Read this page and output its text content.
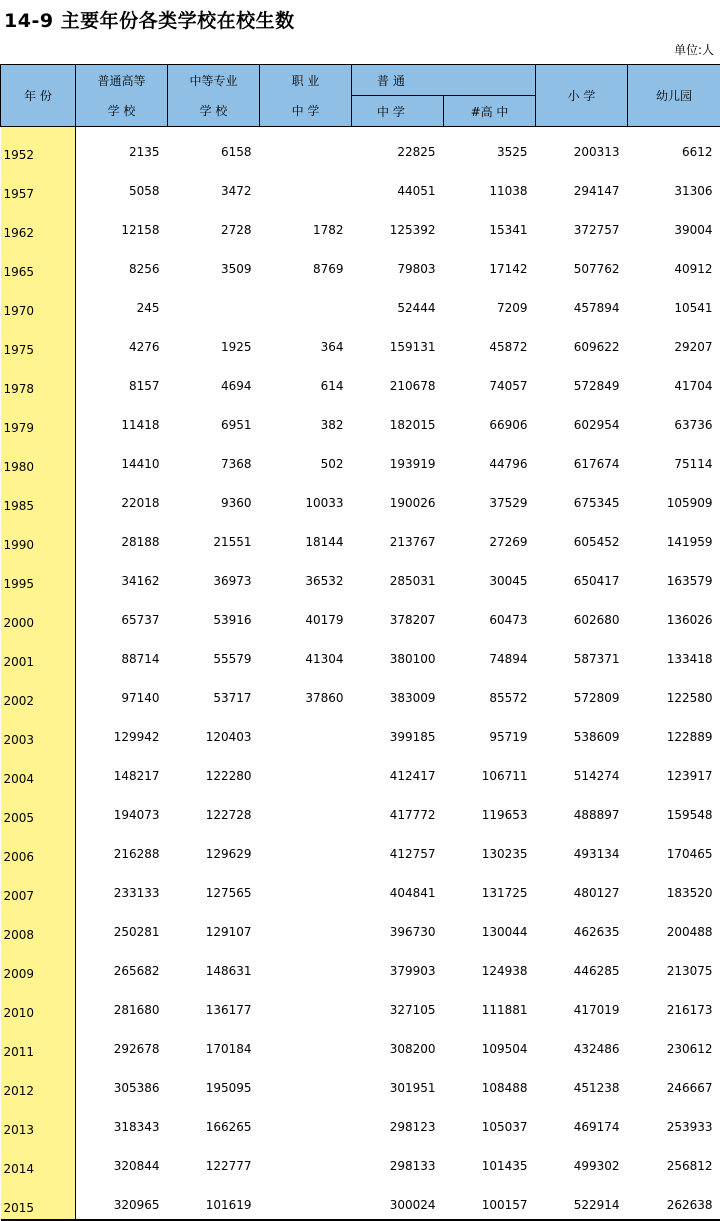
14-9 主要年份各类学校在校生数
单位:人
年 份	普通高等	中等专业	职 业	普 通		小 学	幼儿园
	学 校	学 校	中 学	中 学	#高 中		
1952	2135	6158		22825	3525	200313	6612
1957	5058	3472		44051	11038	294147	31306
1962	12158	2728	1782	125392	15341	372757	39004
1965	8256	3509	8769	79803	17142	507762	40912
1970	245			52444	7209	457894	10541
1975	4276	1925	364	159131	45872	609622	29207
1978	8157	4694	614	210678	74057	572849	41704
1979	11418	6951	382	182015	66906	602954	63736
1980	14410	7368	502	193919	44796	617674	75114
1985	22018	9360	10033	190026	37529	675345	105909
1990	28188	21551	18144	213767	27269	605452	141959
1995	34162	36973	36532	285031	30045	650417	163579
2000	65737	53916	40179	378207	60473	602680	136026
2001	88714	55579	41304	380100	74894	587371	133418
2002	97140	53717	37860	383009	85572	572809	122580
2003	129942	120403		399185	95719	538609	122889
2004	148217	122280		412417	106711	514274	123917
2005	194073	122728		417772	119653	488897	159548
2006	216288	129629		412757	130235	493134	170465
2007	233133	127565		404841	131725	480127	183520
2008	250281	129107		396730	130044	462635	200488
2009	265682	148631		379903	124938	446285	213075
2010	281680	136177		327105	111881	417019	216173
2011	292678	170184		308200	109504	432486	230612
2012	305386	195095		301951	108488	451238	246667
2013	318343	166265		298123	105037	469174	253933
2014	320844	122777		298133	101435	499302	256812
2015	320965	101619		300024	100157	522914	262638
